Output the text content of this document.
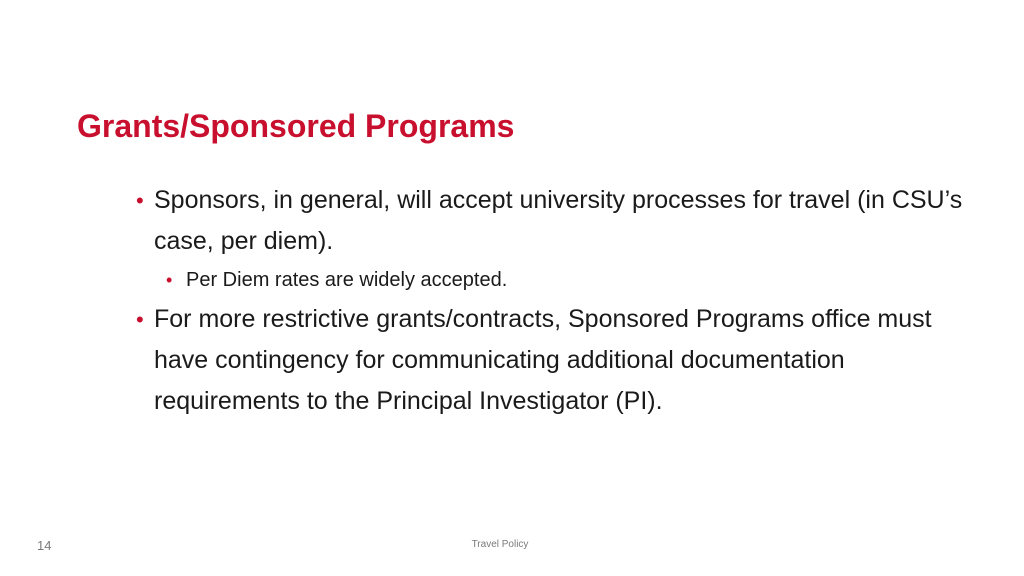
Grants/Sponsored Programs
• Sponsors, in general, will accept university processes for travel (in CSU’s case, per diem).
• Per Diem rates are widely accepted.
• For more restrictive grants/contracts, Sponsored Programs office must have contingency for communicating additional documentation requirements to the Principal Investigator (PI).
14	Travel Policy
